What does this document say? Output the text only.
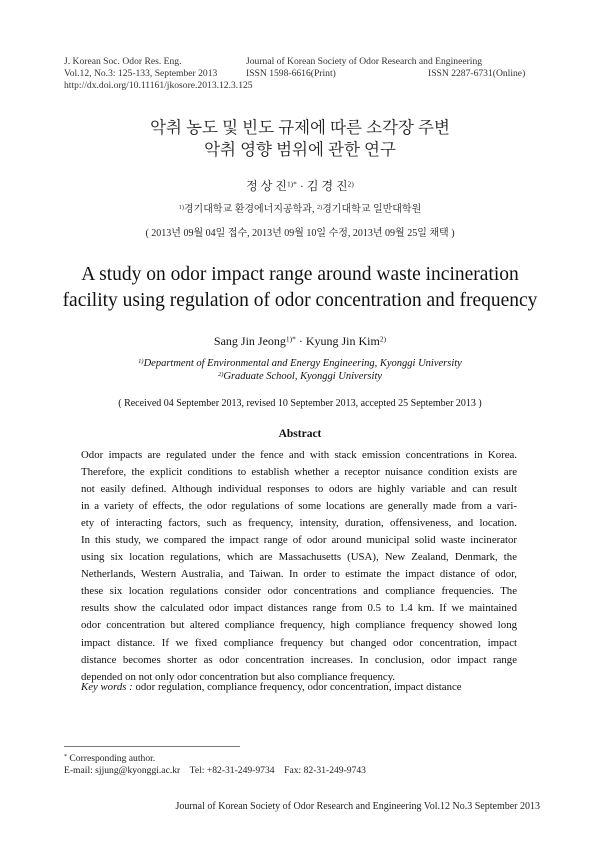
J. Korean Soc. Odor Res. Eng.
Vol.12, No.3: 125-133, September 2013
Journal of Korean Society of Odor Research and Engineering
ISSN 1598-6616(Print)	ISSN 2287-6731(Online)
http://dx.doi.org/10.11161/jkosore.2013.12.3.125
악취 농도 및 빈도 규제에 따른 소각장 주변
악취 영향 범위에 관한 연구
정 상 진$^{1)*}$ · 김 경 진$^{2)}$
$^{1)}$경기대학교 환경에너지공학과, $^{2)}$경기대학교 일반대학원
( 2013년 09월 04일 접수, 2013년 09월 10일 수정, 2013년 09월 25일 채택 )
A study on odor impact range around waste incineration
facility using regulation of odor concentration and frequency
Sang Jin Jeong$^{1)*}$ · Kyung Jin Kim$^{2)}$
$^{1)}$Department of Environmental and Energy Engineering, Kyonggi University
$^{2)}$Graduate School, Kyonggi University
( Received 04 September 2013, revised 10 September 2013, accepted 25 September 2013 )
Abstract
Odor impacts are regulated under the fence and with stack emission concentrations in Korea.
Therefore, the explicit conditions to establish whether a receptor nuisance condition exists are
not easily defined. Although individual responses to odors are highly variable and can result
in a variety of effects, the odor regulations of some locations are generally made from a vari-
ety of interacting factors, such as frequency, intensity, duration, offensiveness, and location.
In this study, we compared the impact range of odor around municipal solid waste incinerator
using six location regulations, which are Massachusetts (USA), New Zealand, Denmark, the
Netherlands, Western Australia, and Taiwan. In order to estimate the impact distance of odor,
these six location regulations consider odor concentrations and compliance frequencies. The
results show the calculated odor impact distances range from 0.5 to 1.4 km. If we maintained
odor concentration but altered compliance frequency, high compliance frequency showed long
impact distance. If we fixed compliance frequency but changed odor concentration, impact
distance becomes shorter as odor concentration increases. In conclusion, odor impact range
depended on not only odor concentration but also compliance frequency.
Key words : odor regulation, compliance frequency, odor concentration, impact distance
* Corresponding author.
E-mail: sjjung@kyonggi.ac.kr    Tel: +82-31-249-9734    Fax: 82-31-249-9743
Journal of Korean Society of Odor Research and Engineering Vol.12 No.3 September 2013
